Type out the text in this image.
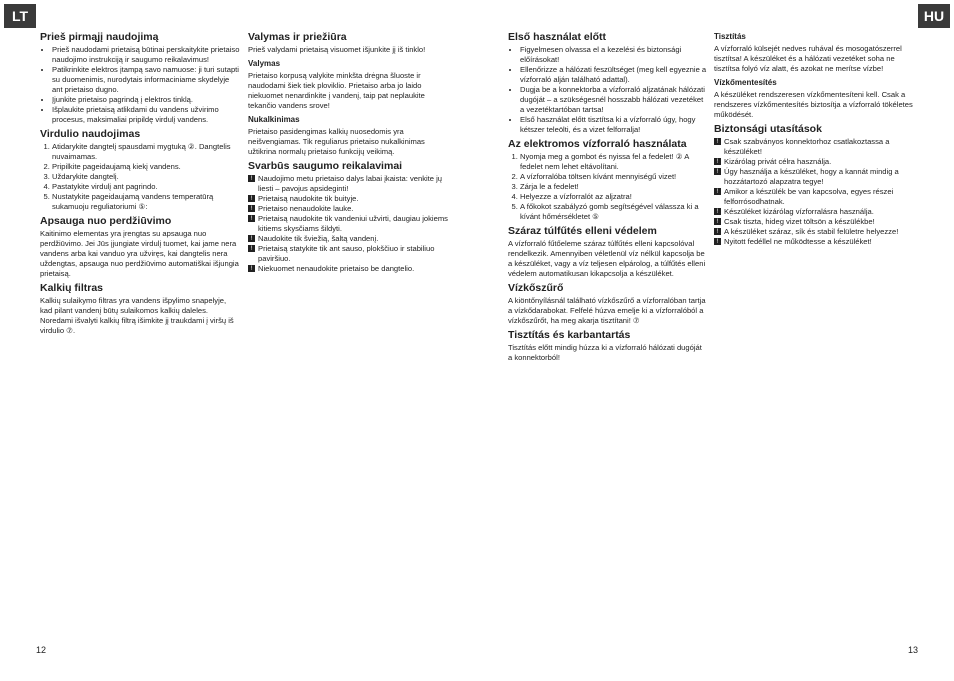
LT	HU
Prieš pirmąjį naudojimą
• Prieš naudodami prietaisą būtinai perskaitykite prietaiso naudojimo instrukciją ir saugumo reikalavimus!
• Patikrinkite elektros įtampą savo namuose: ji turi sutapti su duomenimis, nurodytais informaciniame skydelyje ant prietaiso dugno.
• Įjunkite prietaiso pagrindą į elektros tinklą.
• Išplaukite prietaisą atlikdami du vandens užvirimo procesus, maksimaliai pripildę virdulį vandens.
Virdulio naudojimas
1. Atidarykite dangtelį spausdami mygtuką ②. Dangtelis nuvaimamas.
2. Pripilkite pageidaujamą kiekį vandens.
3. Uždarykite dangtelį.
4. Pastatykite virdulį ant pagrindo.
5. Nustatykite pageidaujamą vandens temperatūrą sukamuoju reguliatoriumi ⑤:
Apsauga nuo perdžiūvimo

Kaitinimo elementas yra įrengtas su apsauga nuo perdžiūvimo. Jei Jūs įjungiate virdulį tuomet, kai jame nera vandens arba kai vanduo yra užviręs, kai dangtelis nera uždengtas, apsauga nuo perdžiūvimo automatiškai išjungia prietaisą.

Kalkių filtras

Kalkių sulaikymo filtras yra vandens išpylimo snapelyje, kad pilant vandenį būtų sulaikomos kalkių daleles. Noredami išvalyti kalkių filtrą išimkite jį traukdami į viršų iš virdulio ⑦.

Valymas ir priežiūra

Prieš valydami prietaisą visuomet išjunkite jį iš tinklo!

Valymas

Prietaiso korpusą valykite minkšta drėgna šluoste ir naudodami šiek tiek ploviklio. Prietaiso arba jo laido niekuomet nenardinkite į vandenį, taip pat neplaukite tekančio vandens srove!

Nukalkinimas

Prietaiso pasidengimas kalkių nuosedomis yra neišvengiamas. Tik reguliarus prietaiso nukalkinimas užtikrina normalų prietaiso funkcijų veikimą.

Svarbūs saugumo reikalavimai
! Naudojimo metu prietaiso dalys labai įkaista: venkite jų liesti – pavojus apsideginti!
! Prietaisą naudokite tik buityje.
! Prietaiso nenaudokite lauke.
! Prietaisą naudokite tik vandeniui užvirti, daugiau jokiems kitiems skysčiams šildyti.
! Naudokite tik šviežią, šaltą vandenį.
! Prietaisą statykite tik ant sauso, plokščiuo ir stabiliuo paviršiuo.
! Niekuomet nenaudokite prietaiso be dangtelio.
Első használat előtt
• Figyelmesen olvassa el a kezelési és biztonsági előírásokat!
• Ellenőrizze a hálózati feszültséget (meg kell egyeznie a vízforraló alján található adattal).
• Dugja be a konnektorba a vízforraló aljzatának hálózati dugóját – a szükségesnél hosszabb hálózati vezetéket a vezetéktartóban tartsa!
• Első használat előtt tisztítsa ki a vízforraló úgy, hogy kétszer teleölti, és a vizet felforralja!
Az elektromos vízforraló használata
1. Nyomja meg a gombot és nyissa fel a fedelet! ② A fedelet nem lehet eltávolítani.
2. A vízforralóba töltsen kívánt mennyiségű vizet!
3. Zárja le a fedelet!
4. Helyezze a vízforralót az aljzatra!
5. A főkokot szabályzó gomb segítségével válassza ki a kívánt hőmérsékletet ⑤
Száraz túlfűtés elleni védelem

A vízforraló fűtőeleme száraz túlfűtés elleni kapcsolóval rendelkezik. Amennyiben véletlenül víz nélkül kapcsolja be a készüléket, vagy a víz teljesen elpárolog, a túlfűtés elleni védelem automatikusan kikapcsolja a készüléket.

Vízkőszűrő

A kiöntőnyílásnál található vízkőszűrő a vízforralóban tartja a vízkődarabokat. Felfelé húzva emelje ki a vízforralóból a vízkőszűrőt, ha meg akarja tisztítani! ⑦

Tisztítás és karbantartás

Tisztítás előtt mindig húzza ki a vízforraló hálózati dugóját a konnektorból!

Tisztítás

A vízforraló külsejét nedves ruhával és mosogatószerrel tisztítsa! A készüléket és a hálózati vezetéket soha ne tisztítsa folyó víz alatt, és azokat ne merítse vízbe!

Vízkőmentesítés

A készüléket rendszeresen vízkőmentesíteni kell. Csak a rendszeres vízkőmentesítés biztosítja a vízforraló tökéletes működését.

Biztonsági utasítások
! Csak szabványos konnektorhoz csatlakoztassa a készüléket!
! Kizárólag privát célra használja.
! Úgy használja a készüléket, hogy a kannát mindig a hozzátartozó alapzatra tegye!
! Amikor a készülék be van kapcsolva, egyes részei felforrósodhatnak.
! Készüléket kizárólag vízforralásra használja.
! Csak tiszta, hideg vizet töltsön a készülékbe!
! A készüléket száraz, sík és stabil felületre helyezze!
! Nyitott fedéllel ne működtesse a készüléket!
12	13
